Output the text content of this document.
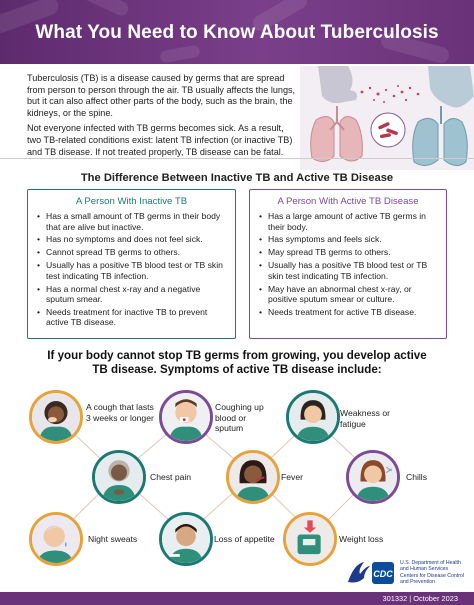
What You Need to Know About Tuberculosis

Tuberculosis (TB) is a disease caused by germs that are spread from person to person through the air. TB usually affects the lungs, but it can also affect other parts of the body, such as the brain, the kidneys, or the spine.

Not everyone infected with TB germs becomes sick. As a result, two TB-related conditions exist: latent TB infection (or inactive TB) and TB disease. If not treated properly, TB disease can be fatal.

The Difference Between Inactive TB and Active TB Disease
A Person With Inactive TB
• Has a small amount of TB germs in their body that are alive but inactive.
• Has no symptoms and does not feel sick.
• Cannot spread TB germs to others.
• Usually has a positive TB blood test or TB skin test indicating TB infection.
• Has a normal chest x-ray and a negative sputum smear.
• Needs treatment for inactive TB to prevent active TB disease.
A Person With Active TB Disease
• Has a large amount of active TB germs in their body.
• Has symptoms and feels sick.
• May spread TB germs to others.
• Usually has a positive TB blood test or TB skin test indicating TB infection.
• May have an abnormal chest x-ray, or positive sputum smear or culture.
• Needs treatment for active TB disease.
If your body cannot stop TB germs from growing, you develop active TB disease. Symptoms of active TB disease include:
A cough that lasts 3 weeks or longer
Coughing up blood or sputum
Weakness or fatigue
Chest pain	Fever	Chills
Night sweats	Loss of appetite	Weight loss
CDC
U.S. Department of Health and Human Services
Centers for Disease Control and Prevention
301332 | October 2023
